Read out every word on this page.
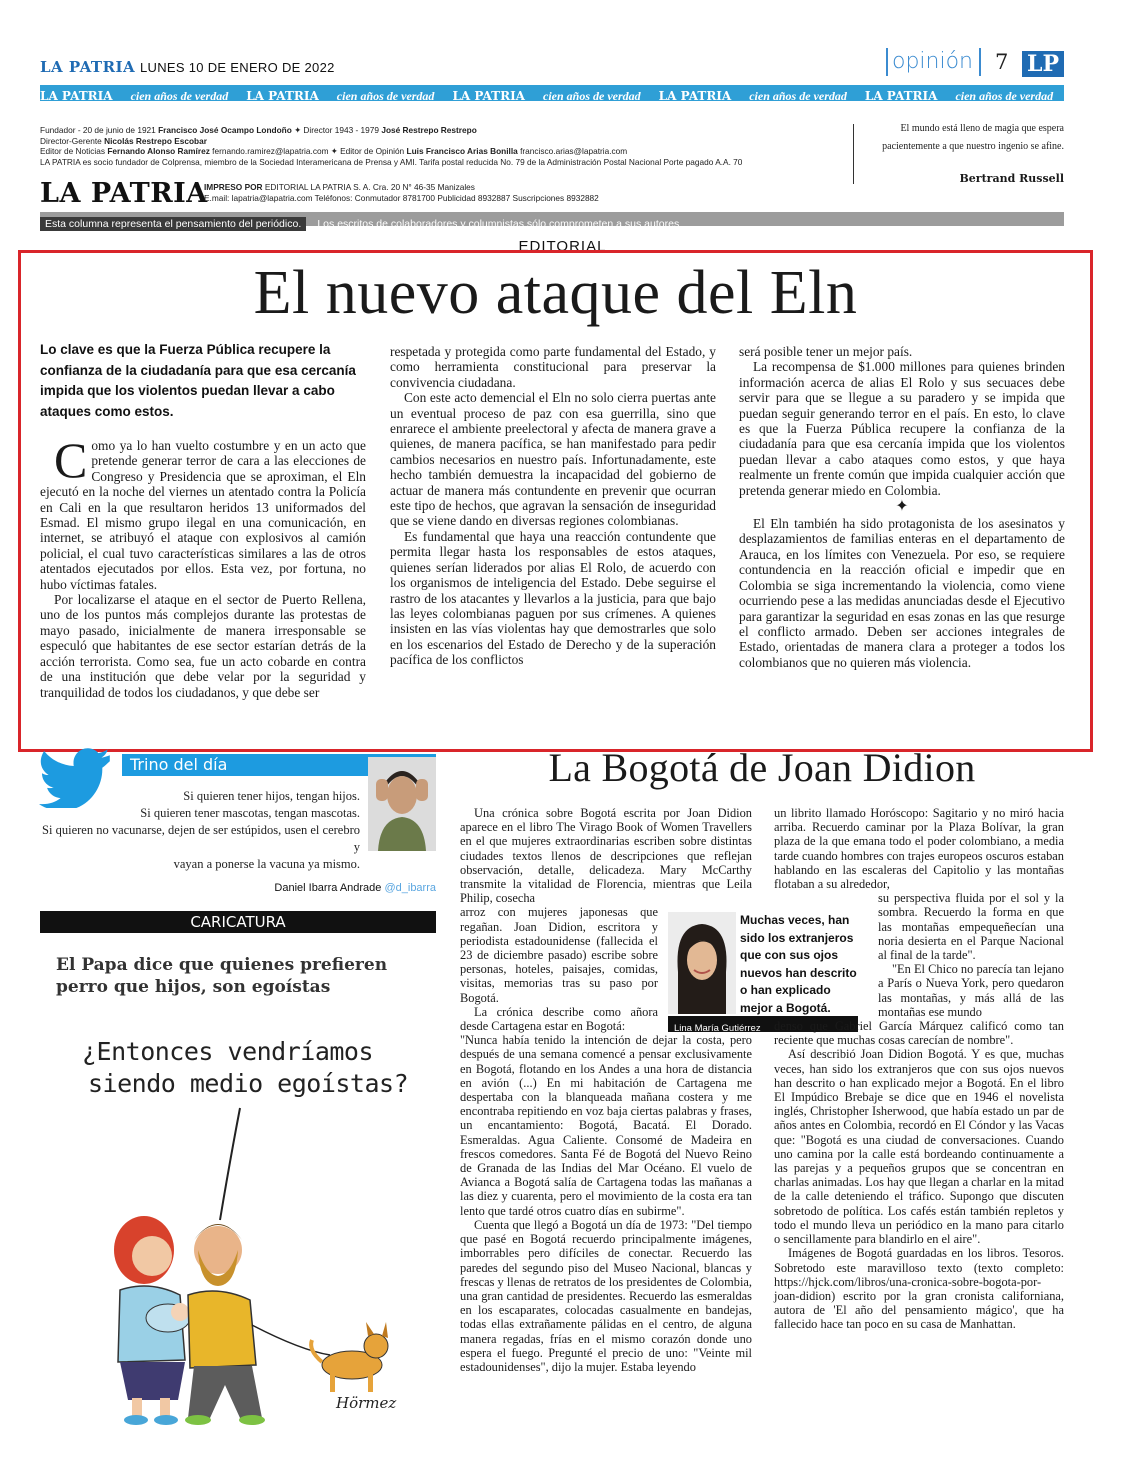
LA PATRIA LUNES 10 DE ENERO DE 2022	opinión 7 LP
LA PATRIA cien años de verdad LA PATRIA cien años de verdad LA PATRIA cien años de verdad LA PATRIA cien años de verdad LA PATRIA cien años de verdad
Fundador - 20 de junio de 1921 Francisco José Ocampo Londoño ✦ Director 1943 - 1979 José Restrepo Restrepo
Director-Gerente Nicolás Restrepo Escobar
Editor de Noticias Fernando Alonso Ramírez fernando.ramirez@lapatria.com ✦ Editor de Opinión Luis Francisco Arias Bonilla francisco.arias@lapatria.com
LA PATRIA es socio fundador de Colprensa, miembro de la Sociedad Interamericana de Prensa y AMI. Tarifa postal reducida No. 79 de la Administración Postal Nacional Porte pagado A.A. 70
LA PATRIA
IMPRESO POR EDITORIAL LA PATRIA S. A. Cra. 20 N° 46-35 Manizales
E.mail: lapatria@lapatria.com Teléfonos: Conmutador 8781700 Publicidad 8932887 Suscripciones 8932882
El mundo está lleno de magia que espera
pacientemente a que nuestro ingenio se afine.
Bertrand Russell
Esta columna representa el pensamiento del periódico. Los escritos de colaboradores y columnistas sólo comprometen a sus autores
EDITORIAL
El nuevo ataque del Eln
Lo clave es que la Fuerza Pública recupere la confianza de la ciudadanía para que esa cercanía impida que los violentos puedan llevar a cabo ataques como estos.

Como ya lo han vuelto costumbre y en un acto que pretende generar terror de cara a las elecciones de Congreso y Presidencia que se aproximan, el Eln ejecutó en la noche del viernes un atentado contra la Policía en Cali en la que resultaron heridos 13 uniformados del Esmad. El mismo grupo ilegal en una comunicación, en internet, se atribuyó el ataque con explosivos al camión policial, el cual tuvo características similares a las de otros atentados ejecutados por ellos. Esta vez, por fortuna, no hubo víctimas fatales.

Por localizarse el ataque en el sector de Puerto Rellena, uno de los puntos más complejos durante las protestas de mayo pasado, inicialmente de manera irresponsable se especuló que habitantes de ese sector estarían detrás de la acción terrorista. Como sea, fue un acto cobarde en contra de una institución que debe velar por la seguridad y tranquilidad de todos los ciudadanos, y que debe ser

respetada y protegida como parte fundamental del Estado, y como herramienta constitucional para preservar la convivencia ciudadana.

Con este acto demencial el Eln no solo cierra puertas ante un eventual proceso de paz con esa guerrilla, sino que enrarece el ambiente preelectoral y afecta de manera grave a quienes, de manera pacífica, se han manifestado para pedir cambios necesarios en nuestro país. Infortunadamente, este hecho también demuestra la incapacidad del gobierno de actuar de manera más contundente en prevenir que ocurran este tipo de hechos, que agravan la sensación de inseguridad que se viene dando en diversas regiones colombianas.

Es fundamental que haya una reacción contundente que permita llegar hasta los responsables de estos ataques, quienes serían liderados por alias El Rolo, de acuerdo con los organismos de inteligencia del Estado. Debe seguirse el rastro de los atacantes y llevarlos a la justicia, para que bajo las leyes colombianas paguen por sus crímenes. A quienes insisten en las vías violentas hay que demostrarles que solo en los escenarios del Estado de Derecho y de la superación pacífica de los conflictos

será posible tener un mejor país.

La recompensa de $1.000 millones para quienes brinden información acerca de alias El Rolo y sus secuaces debe servir para que se llegue a su paradero y se impida que puedan seguir generando terror en el país. En esto, lo clave es que la Fuerza Pública recupere la confianza de la ciudadanía para que esa cercanía impida que los violentos puedan llevar a cabo ataques como estos, y que haya realmente un frente común que impida cualquier acción que pretenda generar miedo en Colombia.

✦

El Eln también ha sido protagonista de los asesinatos y desplazamientos de familias enteras en el departamento de Arauca, en los límites con Venezuela. Por eso, se requiere contundencia en la reacción oficial e impedir que en Colombia se siga incrementando la violencia, como viene ocurriendo pese a las medidas anunciadas desde el Ejecutivo para garantizar la seguridad en esas zonas en las que resurge el conflicto armado. Deben ser acciones integrales de Estado, orientadas de manera clara a proteger a todos los colombianos que no quieren más violencia.

Trino del día
Si quieren tener hijos, tengan hijos.
Si quieren tener mascotas, tengan mascotas.
Si quieren no vacunarse, dejen de ser estúpidos, usen el cerebro y
vayan a ponerse la vacuna ya mismo.
Daniel Ibarra Andrade @d_ibarra
CARICATURA
El Papa dice que quienes prefieren perro que hijos, son egoístas
¿Entonces vendríamos
siendo medio egoístas?
Hörmez
La Bogotá de Joan Didion

Una crónica sobre Bogotá escrita por Joan Didion aparece en el libro The Virago Book of Women Travellers en el que mujeres extraordinarias escriben sobre distintas ciudades textos llenos de descripciones que reflejan observación, detalle, delicadeza. Mary McCarthy transmite la vitalidad de Florencia, mientras que Leila Philip, cosecha

arroz con mujeres japonesas que regañan. Joan Didion, escritora y periodista estadounidense (fallecida el 23 de diciembre pasado) escribe sobre personas, hoteles, paisajes, comidas, visitas, memorias tras su paso por Bogotá.

La crónica describe como añora desde Cartagena estar en Bogotá:

"Nunca había tenido la intención de dejar la costa, pero después de una semana comencé a pensar exclusivamente en Bogotá, flotando en los Andes a una hora de distancia en avión (...) En mi habitación de Cartagena me despertaba con la blanqueada mañana costera y me encontraba repitiendo en voz baja ciertas palabras y frases, un encantamiento: Bogotá, Bacatá. El Dorado. Esmeraldas. Agua Caliente. Consomé de Madeira en frescos comedores. Santa Fé de Bogotá del Nuevo Reino de Granada de las Indias del Mar Océano. El vuelo de Avianca a Bogotá salía de Cartagena todas las mañanas a las diez y cuarenta, pero el movimiento de la costa era tan lento que tardé otros cuatro días en subirme".

Cuenta que llegó a Bogotá un día de 1973: "Del tiempo que pasé en Bogotá recuerdo principalmente imágenes, imborrables pero difíciles de conectar. Recuerdo las paredes del segundo piso del Museo Nacional, blancas y frescas y llenas de retratos de los presidentes de Colombia, una gran cantidad de presidentes. Recuerdo las esmeraldas en los escaparates, colocadas casualmente en bandejas, todas ellas extrañamente pálidas en el centro, de alguna manera regadas, frías en el mismo corazón donde uno espera el fuego. Pregunté el precio de uno: "Veinte mil estadounidenses", dijo la mujer. Estaba leyendo

Muchas veces, han sido los extranjeros que con sus ojos nuevos han descrito o han explicado mejor a Bogotá.
Lina María Gutiérrez

un librito llamado Horóscopo: Sagitario y no miró hacia arriba. Recuerdo caminar por la Plaza Bolívar, la gran plaza de la que emana todo el poder colombiano, a media tarde cuando hombres con trajes europeos oscuros estaban hablando en las escaleras del Capitolio y las montañas flotaban a su alrededor,

su perspectiva fluida por el sol y la sombra. Recuerdo la forma en que las montañas empequeñecían una noria desierta en el Parque Nacional al final de la tarde".

"En El Chico no parecía tan lejano a París o Nueva York, pero quedaron las montañas, y más allá de las montañas ese mundo

denso que Gabriel García Márquez calificó como tan reciente que muchas cosas carecían de nombre".

Así describió Joan Didion Bogotá. Y es que, muchas veces, han sido los extranjeros que con sus ojos nuevos han descrito o han explicado mejor a Bogotá. En el libro El Impúdico Brebaje se dice que en 1946 el novelista inglés, Christopher Isherwood, que había estado un par de años antes en Colombia, recordó en El Cóndor y las Vacas que: "Bogotá es una ciudad de conversaciones. Cuando uno camina por la calle está bordeando continuamente a las parejas y a pequeños grupos que se concentran en charlas animadas. Los hay que llegan a charlar en la mitad de la calle deteniendo el tráfico. Supongo que discuten sobretodo de política. Los cafés están también repletos y todo el mundo lleva un periódico en la mano para citarlo o sencillamente para blandirlo en el aire".

Imágenes de Bogotá guardadas en los libros. Tesoros. Sobretodo este maravilloso texto (texto completo: https://hjck.com/libros/una-cronica-sobre-bogota-por-joan-didion) escrito por la gran cronista californiana, autora de 'El año del pensamiento mágico', que ha fallecido hace tan poco en su casa de Manhattan.
